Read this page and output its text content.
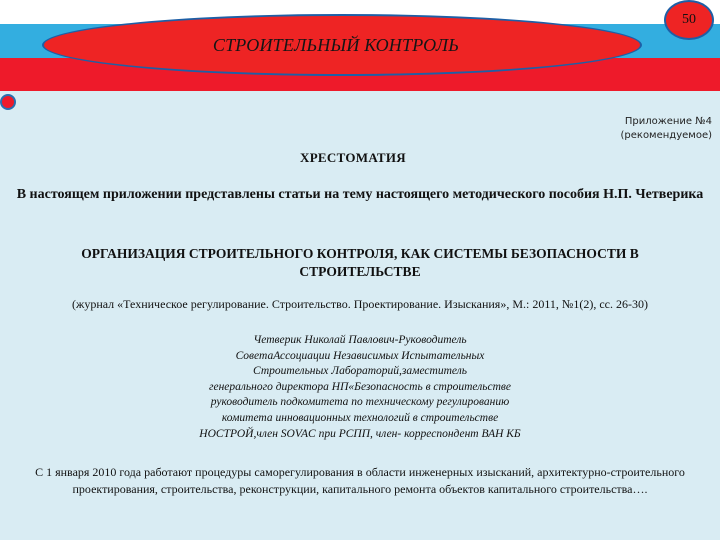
СТРОИТЕЛЬНЫЙ КОНТРОЛЬ
50
Приложение №4
(рекомендуемое)
ХРЕСТОМАТИЯ
В настоящем приложении представлены статьи на тему настоящего методического пособия Н.П. Четверика
ОРГАНИЗАЦИЯ СТРОИТЕЛЬНОГО КОНТРОЛЯ, КАК СИСТЕМЫ БЕЗОПАСНОСТИ В СТРОИТЕЛЬСТВЕ
(журнал «Техническое регулирование. Строительство. Проектирование. Изыскания», М.: 2011, №1(2), сс. 26-30)
Четверик Николай Павлович-Руководитель
СоветаАссоциации Независимых Испытательных
Строительных Лабораторий,заместитель
генерального директора НП«Безопасность в строительстве
руководитель подкомитета по техническому регулированию
комитета инновационных технологий в строительстве
НОСТРОЙ,член SOVAC при РСПП, член- корреспондент ВАН КБ
С 1 января 2010 года работают процедуры саморегулирования в области инженерных изысканий, архитектурно-строительного проектирования, строительства, реконструкции, капитального ремонта объектов капитального строительства….
